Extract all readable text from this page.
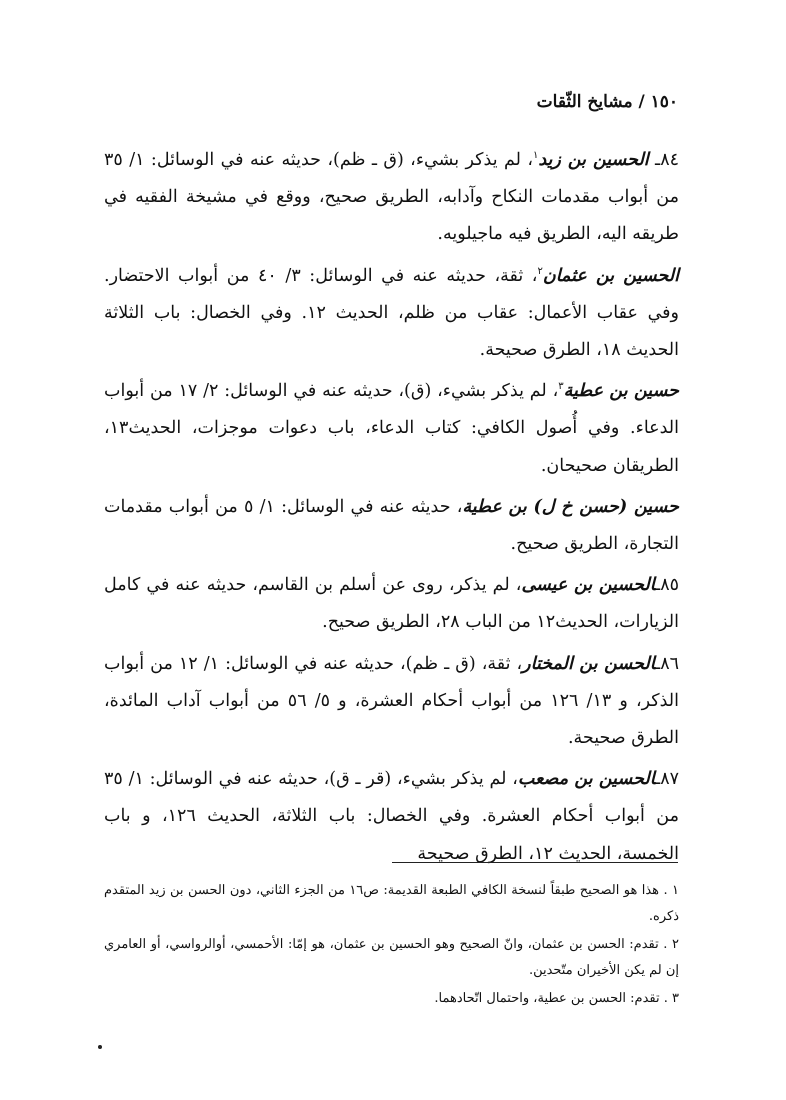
١٥٠ / مشايخ الثّقات

٨٤ـ الحسين بن زيد$^١$، لم يذكر بشيء، (ق ـ ظم)، حديثه عنه في الوسائل: ١/ ٣٥ من أبواب مقدمات النكاح وآدابه، الطريق صحيح، ووقع في مشيخة الفقيه في طريقه اليه، الطريق فيه ماجيلويه.

الحسين بن عثمان$^٢$، ثقة، حديثه عنه في الوسائل: ٣/ ٤٠ من أبواب الاحتضار. وفي عقاب الأعمال: عقاب من ظلم، الحديث ١٢. وفي الخصال: باب الثلاثة الحديث ١٨، الطرق صحيحة.

حسين بن عطية$^٣$، لم يذكر بشيء، (ق)، حديثه عنه في الوسائل: ٢/ ١٧ من أبواب الدعاء. وفي أُصول الكافي: كتاب الدعاء، باب دعوات موجزات، الحديث١٣، الطريقان صحيحان.

حسين (حسن خ ل) بن عطية، حديثه عنه في الوسائل: ١/ ٥ من أبواب مقدمات التجارة، الطريق صحيح.

٨٥ـالحسين بن عيسى، لم يذكر، روى عن أسلم بن القاسم، حديثه عنه في كامل الزيارات، الحديث١٢ من الباب ٢٨، الطريق صحيح.

٨٦ـالحسن بن المختار، ثقة، (ق ـ ظم)، حديثه عنه في الوسائل: ١/ ١٢ من أبواب الذكر، و ١٣/ ١٢٦ من أبواب أحكام العشرة، و ٥/ ٥٦ من أبواب آداب المائدة، الطرق صحيحة.

٨٧ـالحسين بن مصعب، لم يذكر بشيء، (قر ـ ق)، حديثه عنه في الوسائل: ١/ ٣٥ من أبواب أحكام العشرة. وفي الخصال: باب الثلاثة، الحديث ١٢٦، و باب الخمسة، الحديث ١٢، الطرق صحيحة

١ . هذا هو الصحيح طبقاً لنسخة الكافي الطبعة القديمة: ص١٦ من الجزء الثاني، دون الحسن بن زيد المتقدم ذكره.

٢ . تقدم: الحسن بن عثمان، وانّ الصحيح وهو الحسين بن عثمان، هو إمّا: الأحمسي، أوالرواسي، أو العامري إن لم يكن الأخيران متّحدين.

٣ . تقدم: الحسن بن عطية، واحتمال اتّحادهما.
